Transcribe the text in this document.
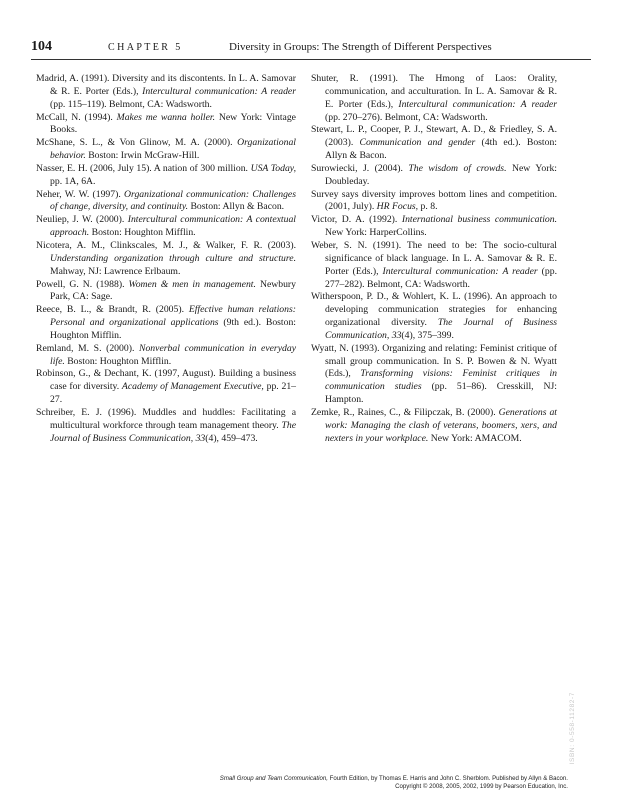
104	CHAPTER 5	Diversity in Groups: The Strength of Different Perspectives

Madrid, A. (1991). Diversity and its discontents. In L. A. Samovar & R. E. Porter (Eds.), Intercultural communication: A reader (pp. 115–119). Belmont, CA: Wadsworth.

McCall, N. (1994). Makes me wanna holler. New York: Vintage Books.

McShane, S. L., & Von Glinow, M. A. (2000). Organizational behavior. Boston: Irwin McGraw-Hill.

Nasser, E. H. (2006, July 15). A nation of 300 million. USA Today, pp. 1A, 6A.

Neher, W. W. (1997). Organizational communication: Challenges of change, diversity, and continuity. Boston: Allyn & Bacon.

Neuliep, J. W. (2000). Intercultural communication: A contextual approach. Boston: Houghton Mifflin.

Nicotera, A. M., Clinkscales, M. J., & Walker, F. R. (2003). Understanding organization through culture and structure. Mahway, NJ: Lawrence Erlbaum.

Powell, G. N. (1988). Women & men in management. Newbury Park, CA: Sage.

Reece, B. L., & Brandt, R. (2005). Effective human relations: Personal and organizational applications (9th ed.). Boston: Houghton Mifflin.

Remland, M. S. (2000). Nonverbal communication in everyday life. Boston: Houghton Mifflin.

Robinson, G., & Dechant, K. (1997, August). Building a business case for diversity. Academy of Management Executive, pp. 21–27.

Schreiber, E. J. (1996). Muddles and huddles: Facilitating a multicultural workforce through team management theory. The Journal of Business Communication, 33(4), 459–473.

Shuter, R. (1991). The Hmong of Laos: Orality, communication, and acculturation. In L. A. Samovar & R. E. Porter (Eds.), Intercultural communication: A reader (pp. 270–276). Belmont, CA: Wadsworth.

Stewart, L. P., Cooper, P. J., Stewart, A. D., & Friedley, S. A. (2003). Communication and gender (4th ed.). Boston: Allyn & Bacon.

Surowiecki, J. (2004). The wisdom of crowds. New York: Doubleday.

Survey says diversity improves bottom lines and competition. (2001, July). HR Focus, p. 8.

Victor, D. A. (1992). International business communication. New York: HarperCollins.

Weber, S. N. (1991). The need to be: The socio-cultural significance of black language. In L. A. Samovar & R. E. Porter (Eds.), Intercultural communication: A reader (pp. 277–282). Belmont, CA: Wadsworth.

Witherspoon, P. D., & Wohlert, K. L. (1996). An approach to developing communication strategies for enhancing organizational diversity. The Journal of Business Communication, 33(4), 375–399.

Wyatt, N. (1993). Organizing and relating: Feminist critique of small group communication. In S. P. Bowen & N. Wyatt (Eds.), Transforming visions: Feminist critiques in communication studies (pp. 51–86). Cresskill, NJ: Hampton.

Zemke, R., Raines, C., & Filipczak, B. (2000). Generations at work: Managing the clash of veterans, boomers, xers, and nexters in your workplace. New York: AMACOM.

ISBN: 0-558-11282-7
Small Group and Team Communication, Fourth Edition, by Thomas E. Harris and John C. Sherblom. Published by Allyn & Bacon.
Copyright © 2008, 2005, 2002, 1999 by Pearson Education, Inc.
